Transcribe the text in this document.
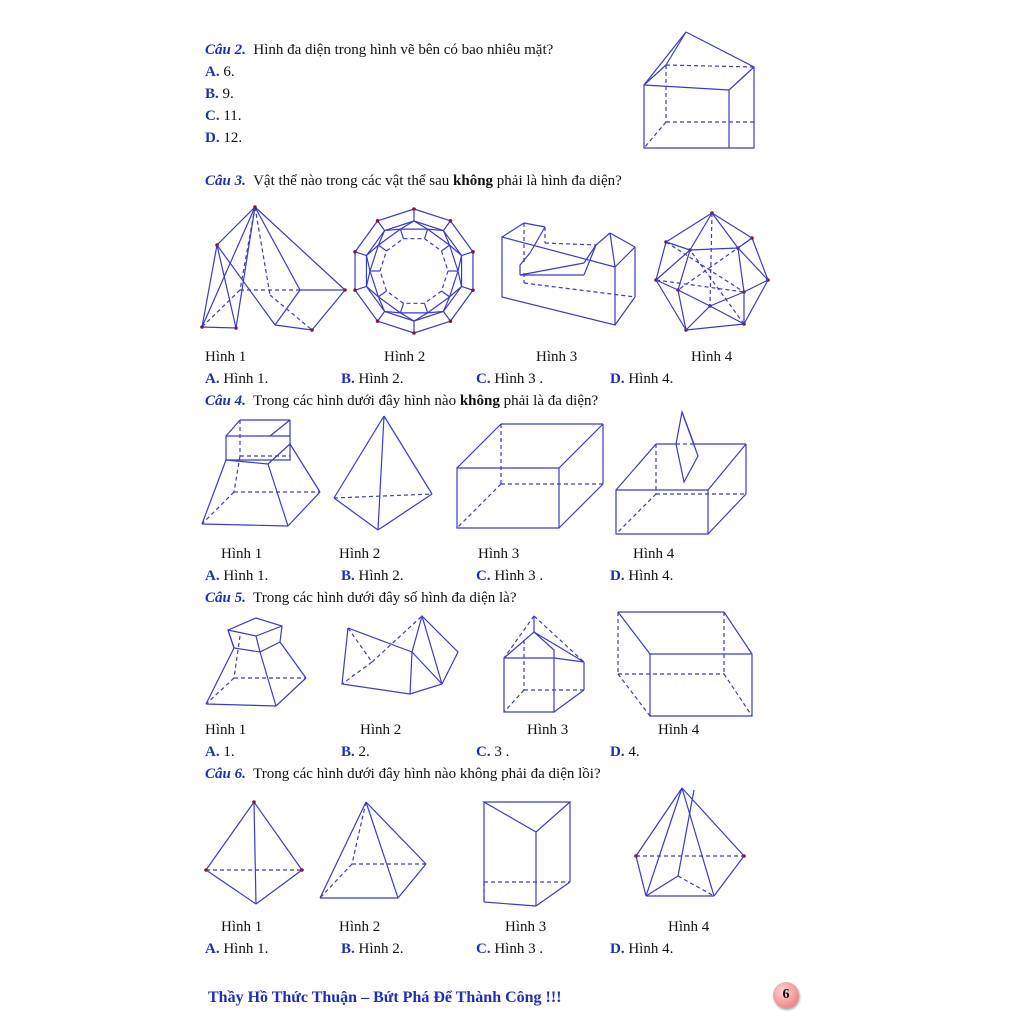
Câu 2. Hình đa diện trong hình vẽ bên có bao nhiêu mặt?
A. 6.
B. 9.
C. 11.
D. 12.
Câu 3. Vật thể nào trong các vật thể sau không phải là hình đa diện?
Hình 1	Hình 2	Hình 3	Hình 4
A. Hình 1.	B. Hình 2.	C. Hình 3 .	D. Hình 4.
Câu 4. Trong các hình dưới đây hình nào không phải là đa diện?
Hình 1	Hình 2	Hình 3	Hình 4
A. Hình 1.	B. Hình 2.	C. Hình 3 .	D. Hình 4.
Câu 5. Trong các hình dưới đây số hình đa diện là?
Hình 1	Hình 2	Hình 3	Hình 4
A. 1.	B. 2.	C. 3 .	D. 4.
Câu 6. Trong các hình dưới đây hình nào không phải đa diện lồi?
Hình 1	Hình 2	Hình 3	Hình 4
A. Hình 1.	B. Hình 2.	C. Hình 3 .	D. Hình 4.
Thầy Hồ Thức Thuận – Bứt Phá Để Thành Công !!!	6
